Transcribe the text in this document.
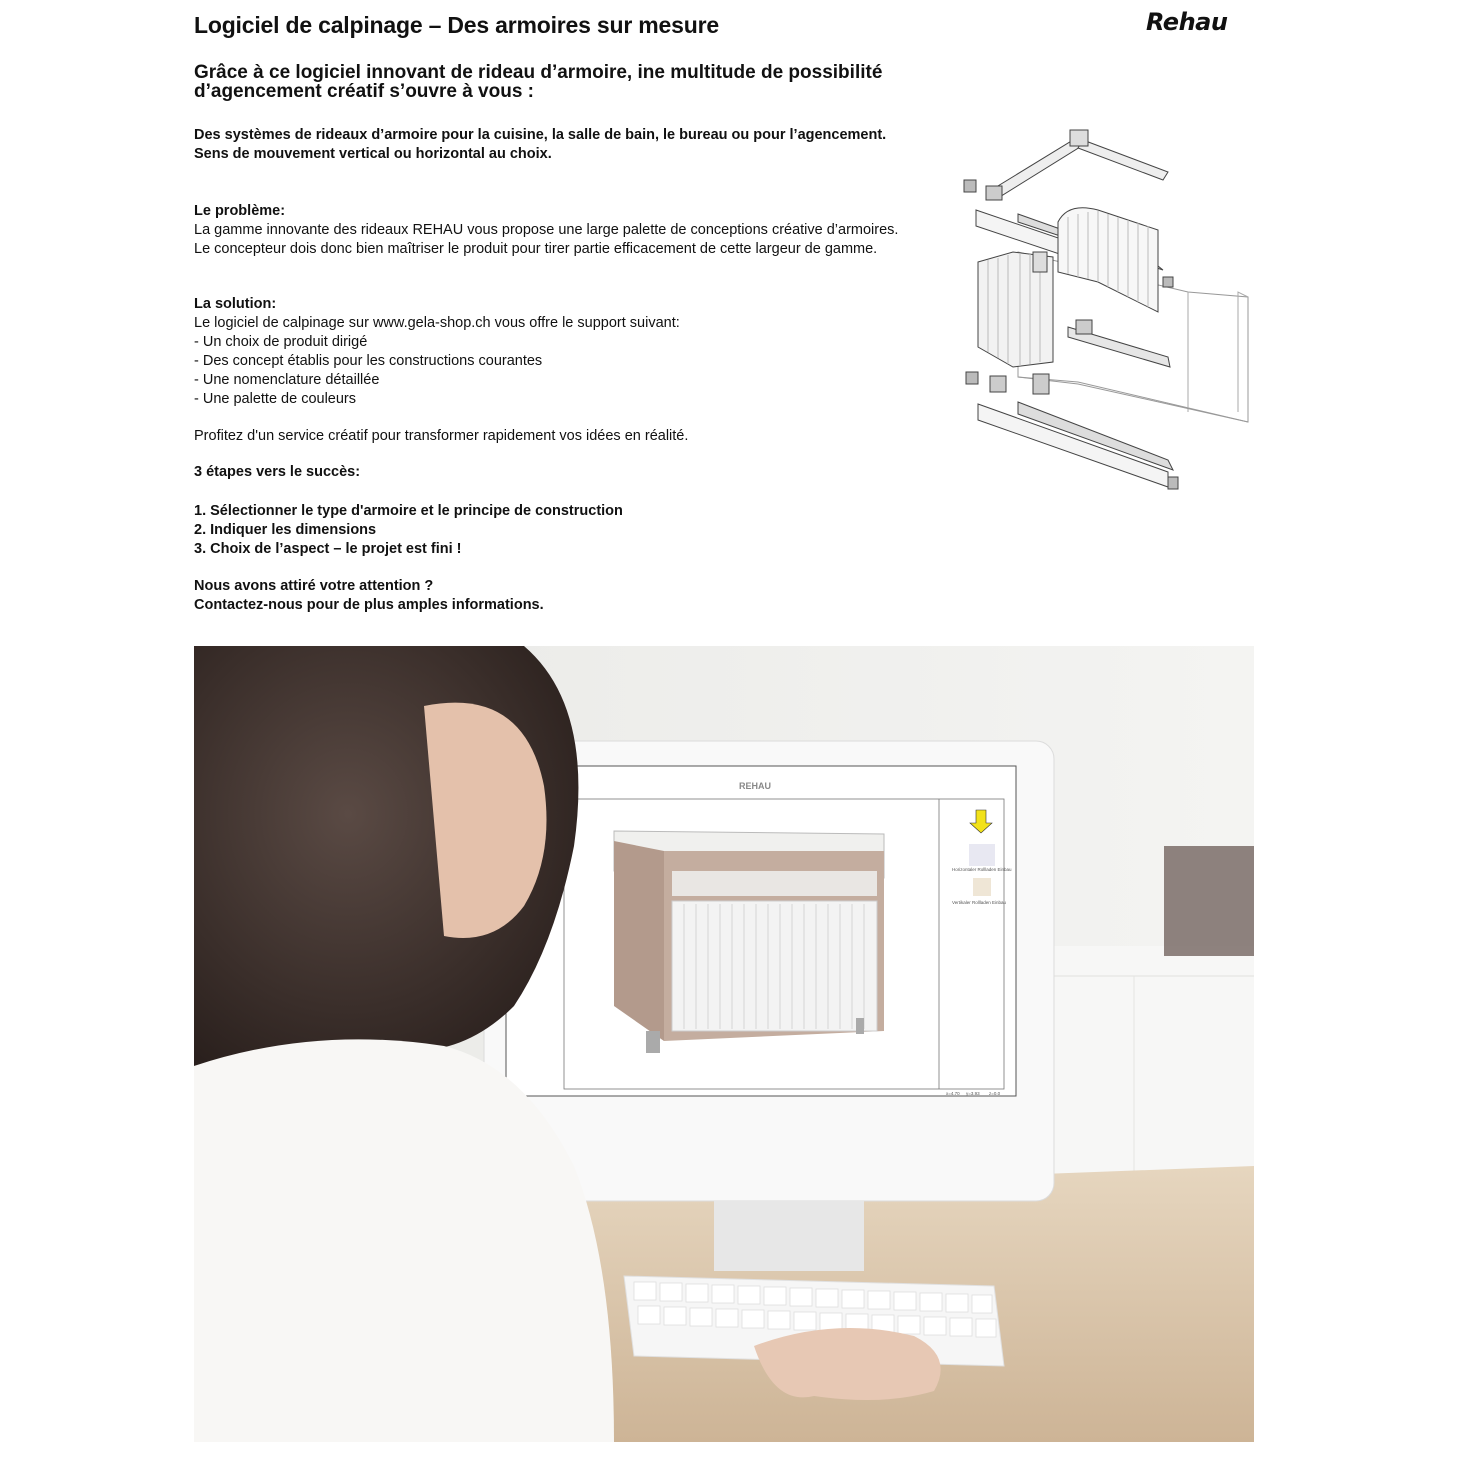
Logiciel de calpinage – Des armoires sur mesure	Rehau
Grâce à ce logiciel innovant de rideau d’armoire, ine multitude de possibilité
d’agencement créatif s’ouvre à vous :
Des systèmes de rideaux d’armoire pour la cuisine, la salle de bain, le bureau ou pour l’agencement.
Sens de mouvement vertical ou horizontal au choix.
Le problème:
La gamme innovante des rideaux REHAU vous propose une large palette de conceptions créative d’armoires.
Le concepteur dois donc bien maîtriser le produit pour tirer partie efficacement de cette largeur de gamme.
La solution:
Le logiciel de calpinage sur www.gela-shop.ch vous offre le support suivant:
- Un choix de produit dirigé
- Des concept établis pour les constructions courantes
- Une nomenclature détaillée
- Une palette de couleurs
Profitez d'un service créatif pour transformer rapidement vos idées en réalité.
3 étapes vers le succès:
1. Sélectionner le type d'armoire et le principe de construction
2. Indiquer les dimensions
3. Choix de l’aspect – le projet est fini !
Nous avons attiré votre attention ?
Contactez-nous pour de plus amples informations.
REHAU
Horizontaler Rollladen Einbau
Vertikaler Rollladen Einbau
x=4.70 y=3.93 z=0.0
